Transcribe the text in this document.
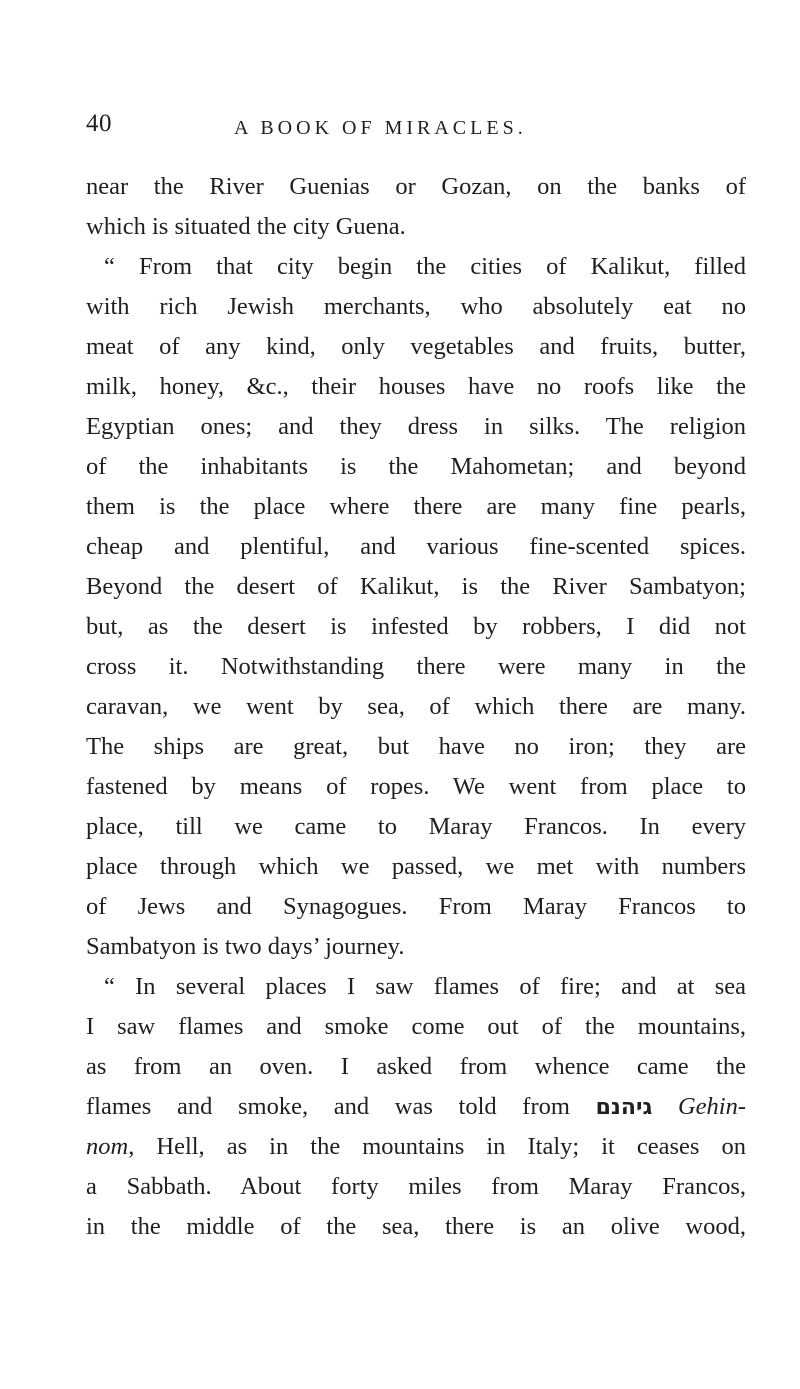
40	A BOOK OF MIRACLES.
near the River Guenias or Gozan, on the banks of
which is situated the city Guena.
“ From that city begin the cities of Kalikut, filled
with rich Jewish merchants, who absolutely eat no
meat of any kind, only vegetables and fruits, butter,
milk, honey, &c., their houses have no roofs like the
Egyptian ones; and they dress in silks. The religion
of the inhabitants is the Mahometan; and beyond
them is the place where there are many fine pearls,
cheap and plentiful, and various fine-scented spices.
Beyond the desert of Kalikut, is the River Sambatyon;
but, as the desert is infested by robbers, I did not
cross it. Notwithstanding there were many in the
caravan, we went by sea, of which there are many.
The ships are great, but have no iron; they are
fastened by means of ropes. We went from place to
place, till we came to Maray Francos. In every
place through which we passed, we met with numbers
of Jews and Synagogues. From Maray Francos to
Sambatyon is two days’ journey.
“ In several places I saw flames of fire; and at sea
I saw flames and smoke come out of the mountains,
as from an oven. I asked from whence came the
flames and smoke, and was told from גיהנם Gehin-
nom, Hell, as in the mountains in Italy; it ceases on
a Sabbath. About forty miles from Maray Francos,
in the middle of the sea, there is an olive wood,
